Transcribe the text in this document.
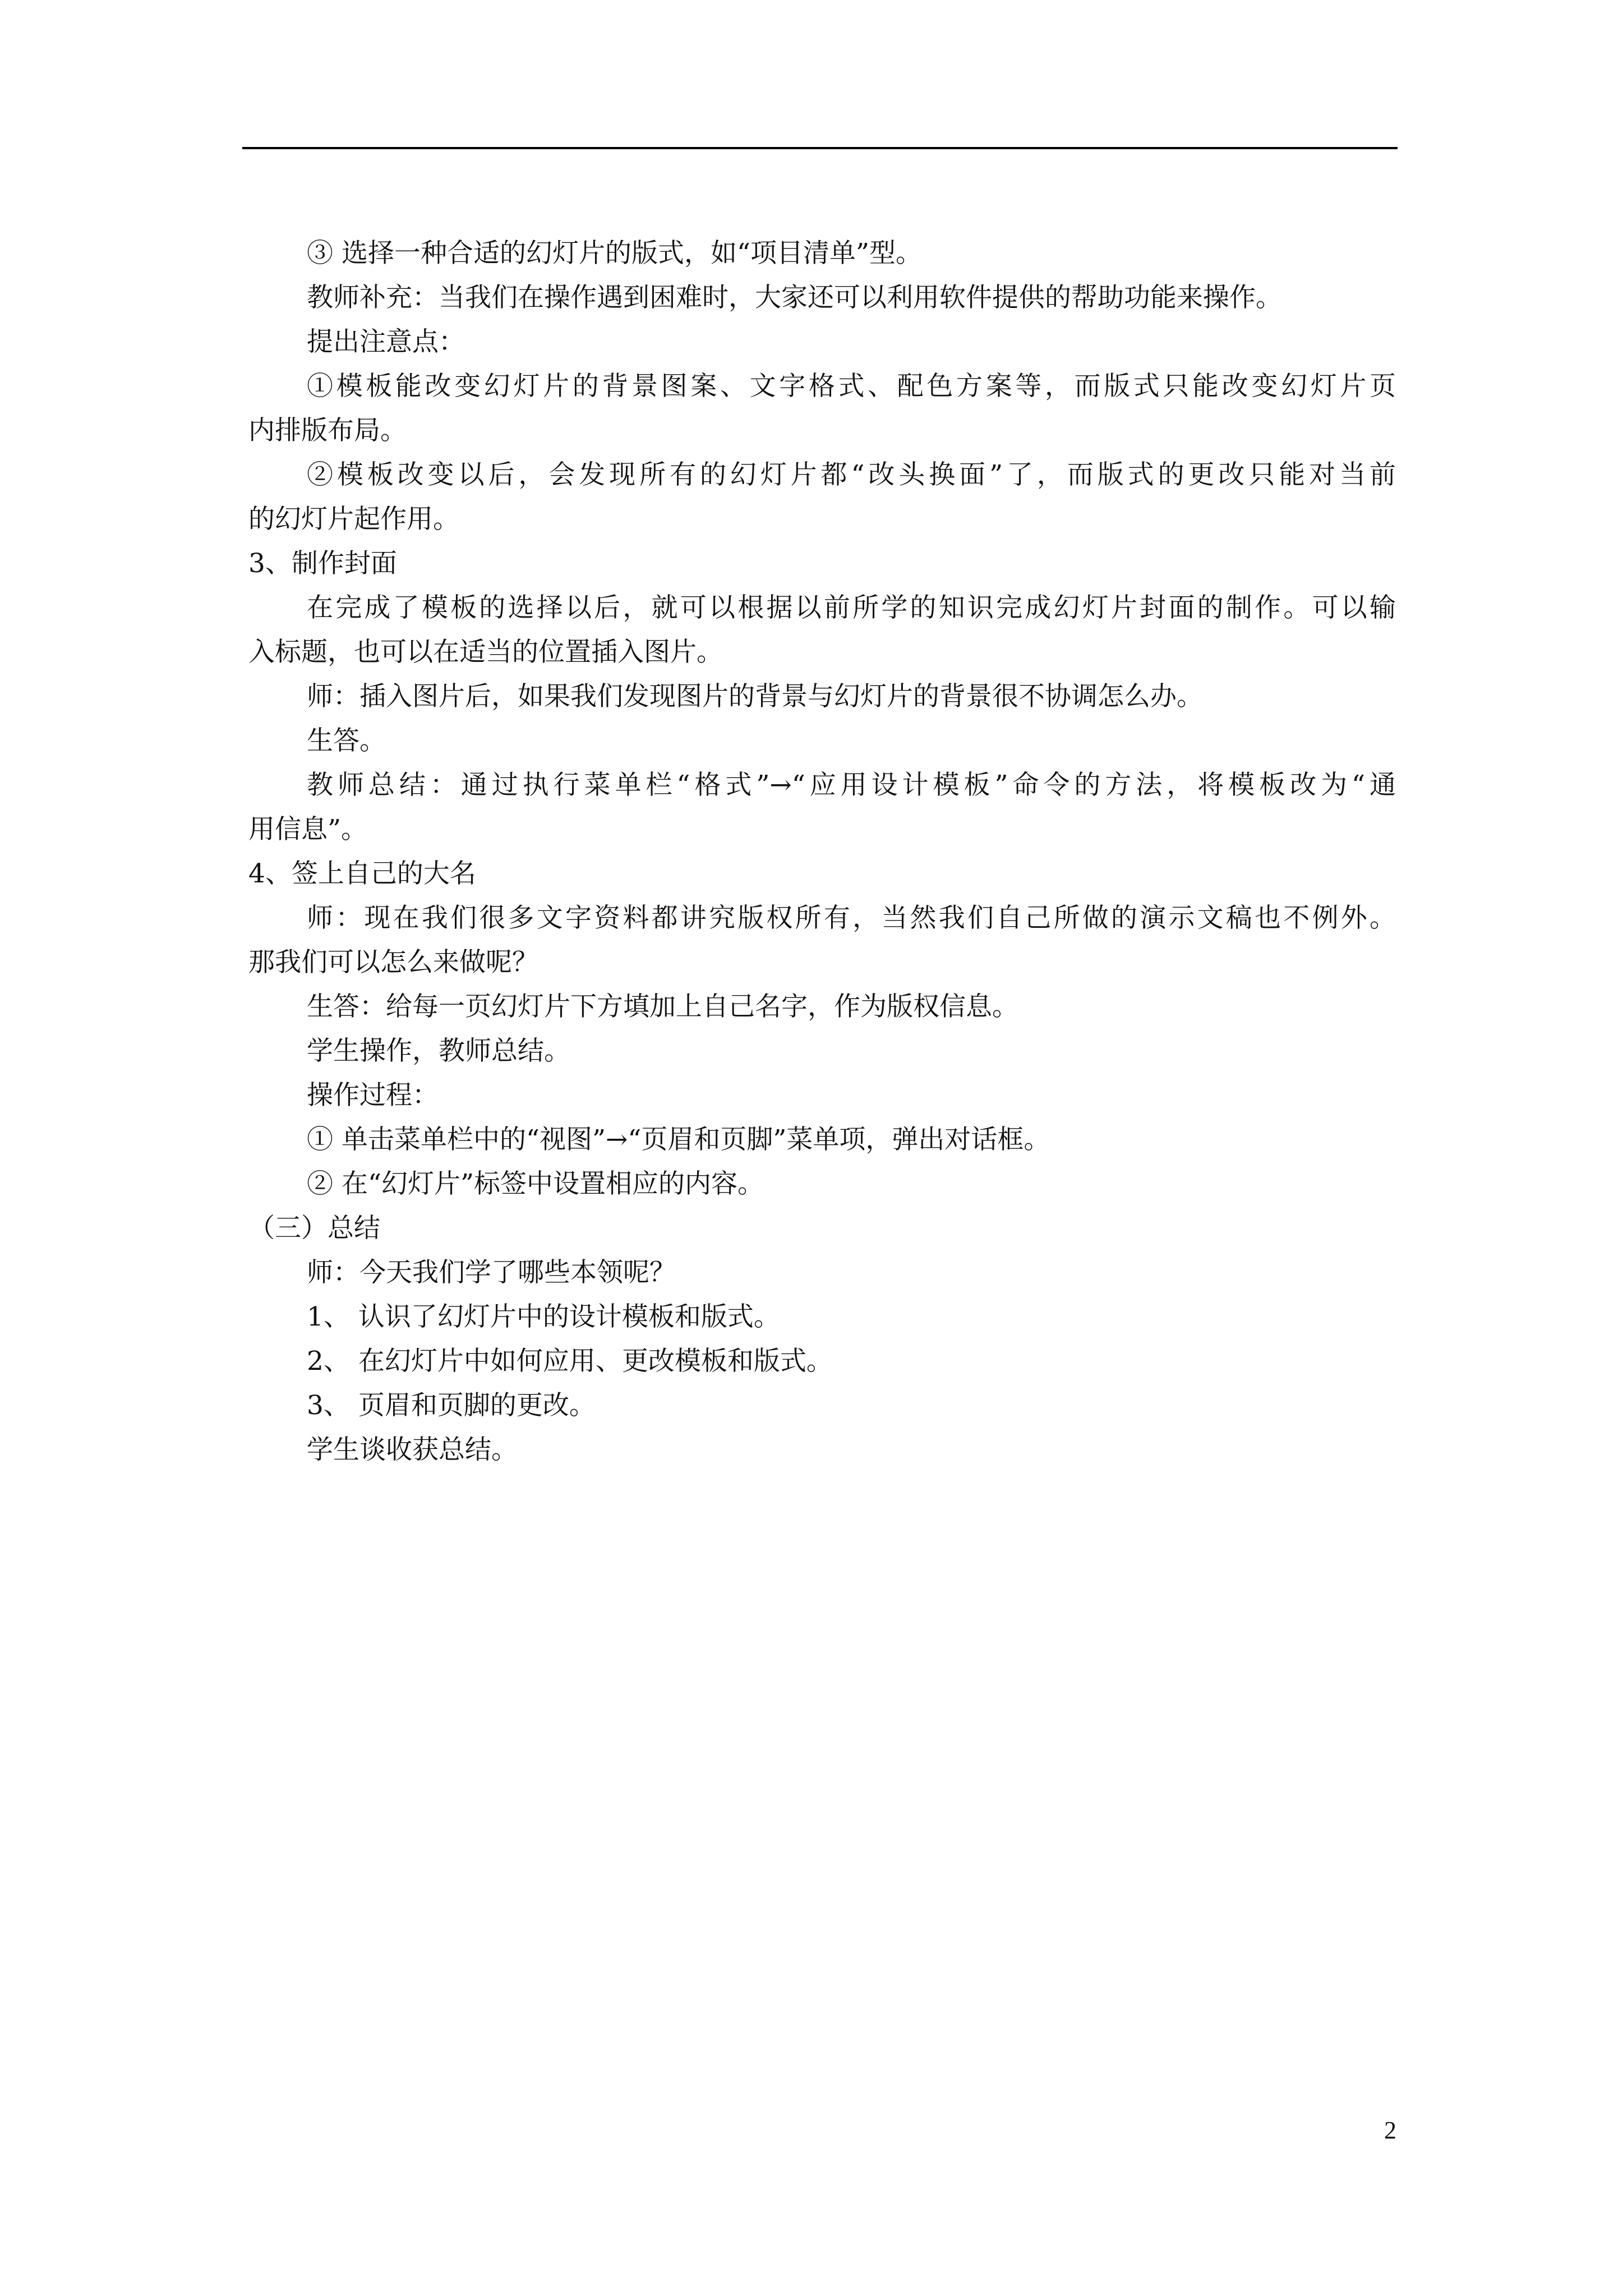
③ 选择一种合适的幻灯片的版式，如“项目清单”型。

教师补充：当我们在操作遇到困难时，大家还可以利用软件提供的帮助功能来操作。

提出注意点：

①模板能改变幻灯片的背景图案、文字格式、配色方案等，而版式只能改变幻灯片页

内排版布局。

②模板改变以后，会发现所有的幻灯片都“改头换面”了，而版式的更改只能对当前

的幻灯片起作用。

3、制作封面

在完成了模板的选择以后，就可以根据以前所学的知识完成幻灯片封面的制作。可以输

入标题，也可以在适当的位置插入图片。

师：插入图片后，如果我们发现图片的背景与幻灯片的背景很不协调怎么办。

生答。

教师总结：通过执行菜单栏“格式”→“应用设计模板”命令的方法，将模板改为“通

用信息”。

4、签上自己的大名

师：现在我们很多文字资料都讲究版权所有，当然我们自己所做的演示文稿也不例外。

那我们可以怎么来做呢？

生答：给每一页幻灯片下方填加上自己名字，作为版权信息。

学生操作，教师总结。

操作过程：

① 单击菜单栏中的“视图”→“页眉和页脚”菜单项，弹出对话框。

② 在“幻灯片”标签中设置相应的内容。

（三）总结

师：今天我们学了哪些本领呢？

1、 认识了幻灯片中的设计模板和版式。

2、 在幻灯片中如何应用、更改模板和版式。

3、 页眉和页脚的更改。

学生谈收获总结。

2
